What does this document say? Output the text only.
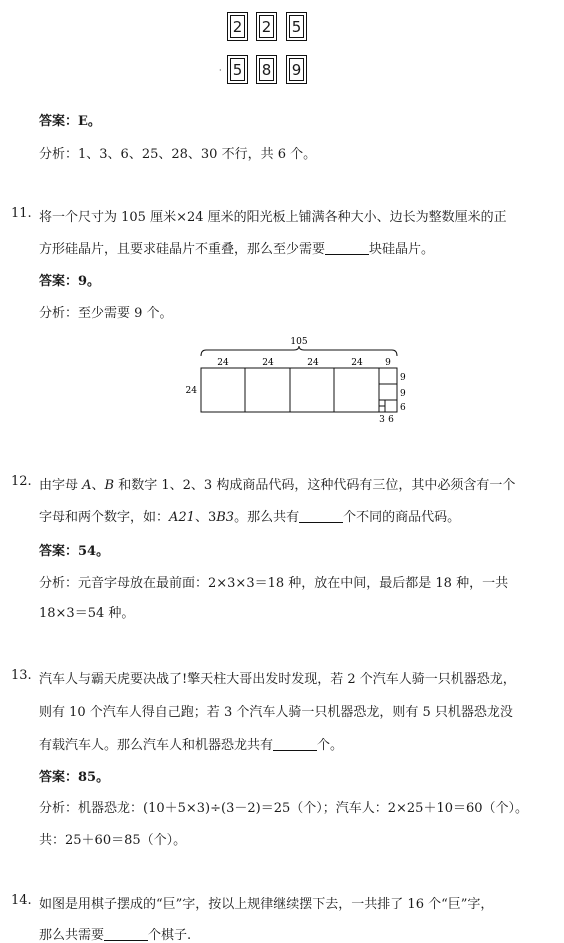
2 2 5
5 8 9
·
答案：E。
分析：1、3、6、25、28、30 不行，共 6 个。
11. 将一个尺寸为 105 厘米×24 厘米的阳光板上铺满各种大小、边长为整数厘米的正
方形硅晶片，且要求硅晶片不重叠，那么至少需要	块硅晶片。
答案：9。
分析：至少需要 9 个。
105
24	24	24	24 9
24
9
9
6
3 6
12. 由字母 A、B 和数字 1、2、3 构成商品代码，这种代码有三位，其中必须含有一个
字母和两个数字，如：A21、3B3。那么共有	个不同的商品代码。
答案：54。
分析：元音字母放在最前面：2×3×3＝18 种，放在中间，最后都是 18 种，一共
18×3＝54 种。
13. 汽车人与霸天虎要决战了!擎天柱大哥出发时发现，若 2 个汽车人骑一只机器恐龙，
则有 10 个汽车人得自己跑；若 3 个汽车人骑一只机器恐龙，则有 5 只机器恐龙没
有载汽车人。那么汽车人和机器恐龙共有	个。
答案：85。
分析：机器恐龙：(10＋5×3)÷(3－2)＝25（个）；汽车人：2×25＋10＝60（个）。
共：25＋60＝85（个）。
14. 如图是用棋子摆成的“巨”字，按以上规律继续摆下去，一共排了 16 个“巨”字，
那么共需要	个棋子.
